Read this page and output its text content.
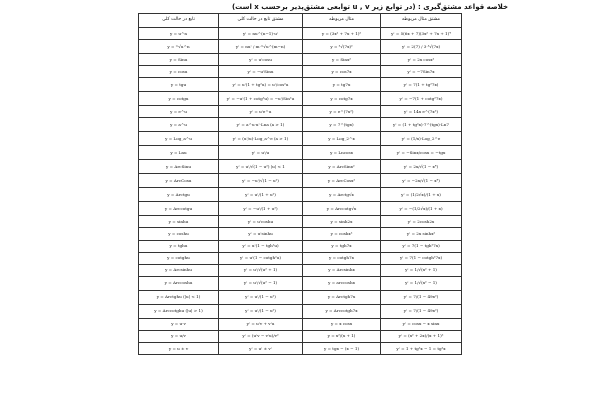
خلاصه قواعد مشتق‌گیری : (در توابع زیر u , v توابعی مشتق‌پذیر برحسب x است)
تابع در حالت کلی	مشتق تابع در حالت کلی	مثال مربوطه	مشتق مثال مربوطه
y = u^n	y' = nu^(n−1)·u'	y = (3x² + 7x + 1)⁵	y' = 5(6x + 7)(3x² + 7x + 1)⁴
y = ᵐ√u^n	y' = nu' / m·ᵐ√u^(m−n)	y = ³√(7x)²	y' = 2(7) / 3·³√(7x)
y = Sinu	y' = u'cosu	y = Sinx²	y' = 2x cosx²
y = cosu	y' = −u'Sinu	y = cos7x	y' = −7Sin7x
y = tgu	y' = u'(1 + tg²u) = u'/cos²u	y = tg7x	y' = 7(1 + tg²7x)
y = cotgu	y' = −u'(1 + cotg²u) = −u'/Sin²u	y = cotg7x	y' = −7(1 + cotg²7x)
y = e^u	y' = u'e^u	y = e^(7x²)	y' = 14x e^(7x²)
y = a^u	y' = a^u·u'·Lna (a > 1)	y = 7^(tgx)	y' = (1 + tg²x)·7^(tgx)·Ln7
y = Log_a^u	y' = (u'/u)·Log_a^e (a > 1)	y = Log_2^x	y' = (1/x)·Log_2^e
y = Lnu	y' = u'/u	y = Lncosx	y' = −Sinx/cosx = −tgx
y = ArcSinu	y' = u'/√(1 − u²) |u| < 1	y = ArcSinx²	y' = 2x/√(1 − x⁴)
y = ArcCosu	y' = −u'/√(1 − u²)	y = ArcCosx²	y' = −2x/√(1 − x⁴)
y = Arctgu	y' = u'/(1 + u²)	y = Arctg√x	y' = (1/2√x)/(1 + x)
y = Arccotgu	y' = −u'/(1 + u²)	y = Arccotg√x	y' = −(1/2√x)/(1 + x)
y = sinhu	y' = u'coshu	y = sinh2x	y' = 2cosh2x
y = coshu	y' = u'sinhu	y = coshx²	y' = 2x sinhx²
y = tghu	y' = u'(1 − tgh²u)	y = tgh7x	y' = 7(1 − tgh²7x)
y = cotghu	y' = u'(1 − cotgh²u)	y = cotgh7x	y' = 7(1 − cotgh²7x)
y = Arcsinhu	y' = u'/√(u² + 1)	y = Arcsinhx	y' = 1/√(x² + 1)
y = Arccoshu	y' = u'/√(u² − 1)	y = arccoshx	y' = 1/√(x² − 1)
y = Arctghu (|u| < 1)	y' = u'/(1 − u²)	y = Arctgh7x	y' = 7/(1 − 49x²)
y = Arccotghu (|u| > 1)	y' = u'/(1 − u²)	y = Arccotgh7x	y' = 7/(1 − 49x²)
y = u·v	y' = u'v + v'u	y = x cosx	y' = cosx − x sinx
y = u/v	y' = (u'v − v'u)/v²	y = x²/(x + 1)	y' = (x² + 2x)/(x + 1)²
y = u ± v	y' = u' ± v'	y = tgx − (x − 1)	y' = 1 + tg²x − 1 = tg²x
